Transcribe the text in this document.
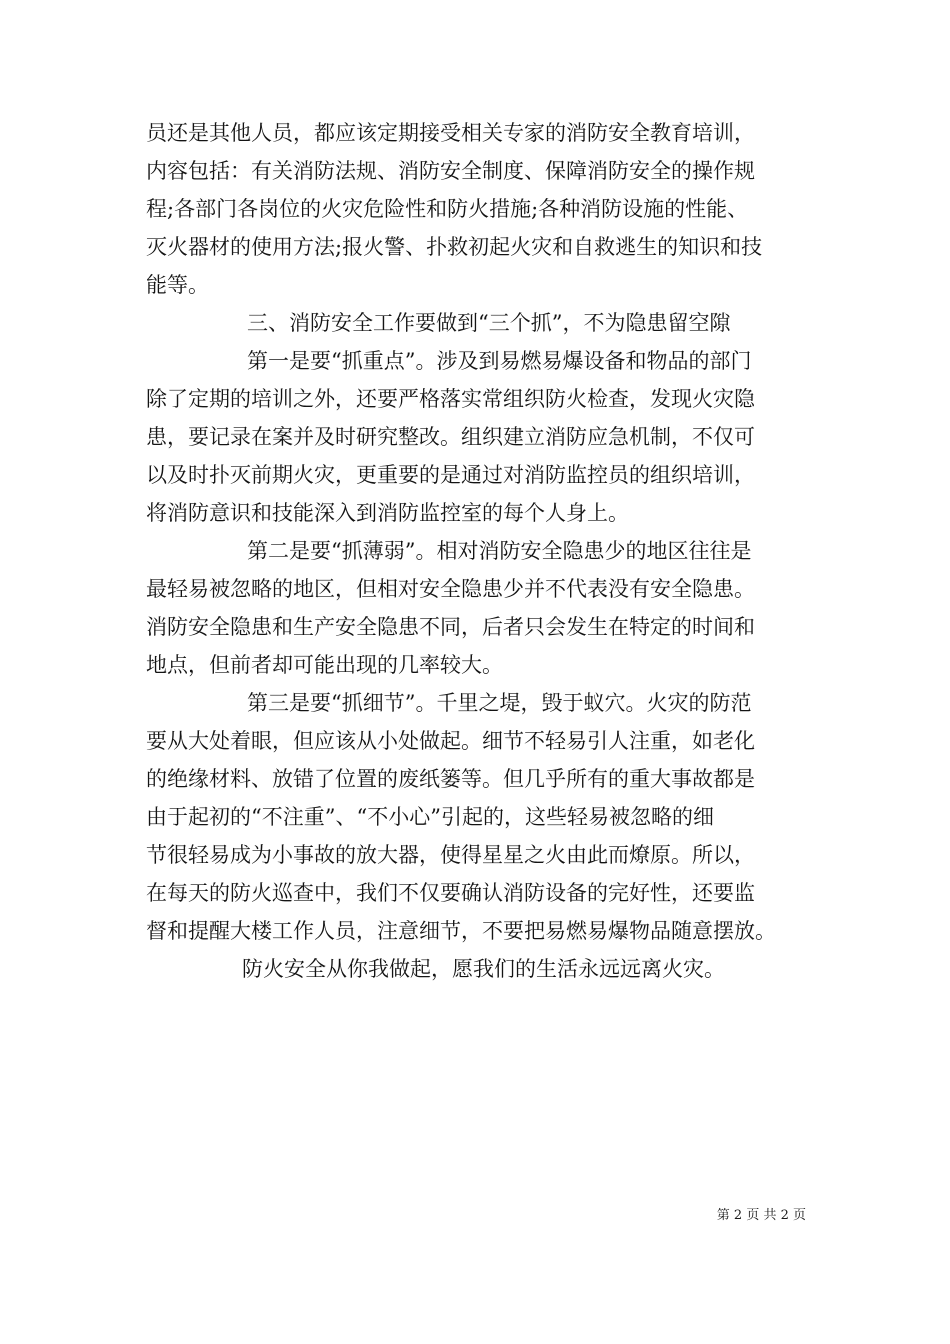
员还是其他人员，都应该定期接受相关专家的消防安全教育培训，
内容包括：有关消防法规、消防安全制度、保障消防安全的操作规
程;各部门各岗位的火灾危险性和防火措施;各种消防设施的性能、
灭火器材的使用方法;报火警、扑救初起火灾和自救逃生的知识和技
能等。
三、消防安全工作要做到“三个抓”，不为隐患留空隙
第一是要“抓重点”。涉及到易燃易爆设备和物品的部门
除了定期的培训之外，还要严格落实常组织防火检查，发现火灾隐
患，要记录在案并及时研究整改。组织建立消防应急机制，不仅可
以及时扑灭前期火灾，更重要的是通过对消防监控员的组织培训，
将消防意识和技能深入到消防监控室的每个人身上。
第二是要“抓薄弱”。相对消防安全隐患少的地区往往是
最轻易被忽略的地区，但相对安全隐患少并不代表没有安全隐患。
消防安全隐患和生产安全隐患不同，后者只会发生在特定的时间和
地点，但前者却可能出现的几率较大。
第三是要“抓细节”。千里之堤，毁于蚁穴。火灾的防范
要从大处着眼，但应该从小处做起。细节不轻易引人注重，如老化
的绝缘材料、放错了位置的废纸篓等。但几乎所有的重大事故都是
由于起初的“不注重”、“不小心”引起的，这些轻易被忽略的细
节很轻易成为小事故的放大器，使得星星之火由此而燎原。所以，
在每天的防火巡查中，我们不仅要确认消防设备的完好性，还要监
督和提醒大楼工作人员，注意细节，不要把易燃易爆物品随意摆放。
防火安全从你我做起，愿我们的生活永远远离火灾。
第 2 页 共 2 页
